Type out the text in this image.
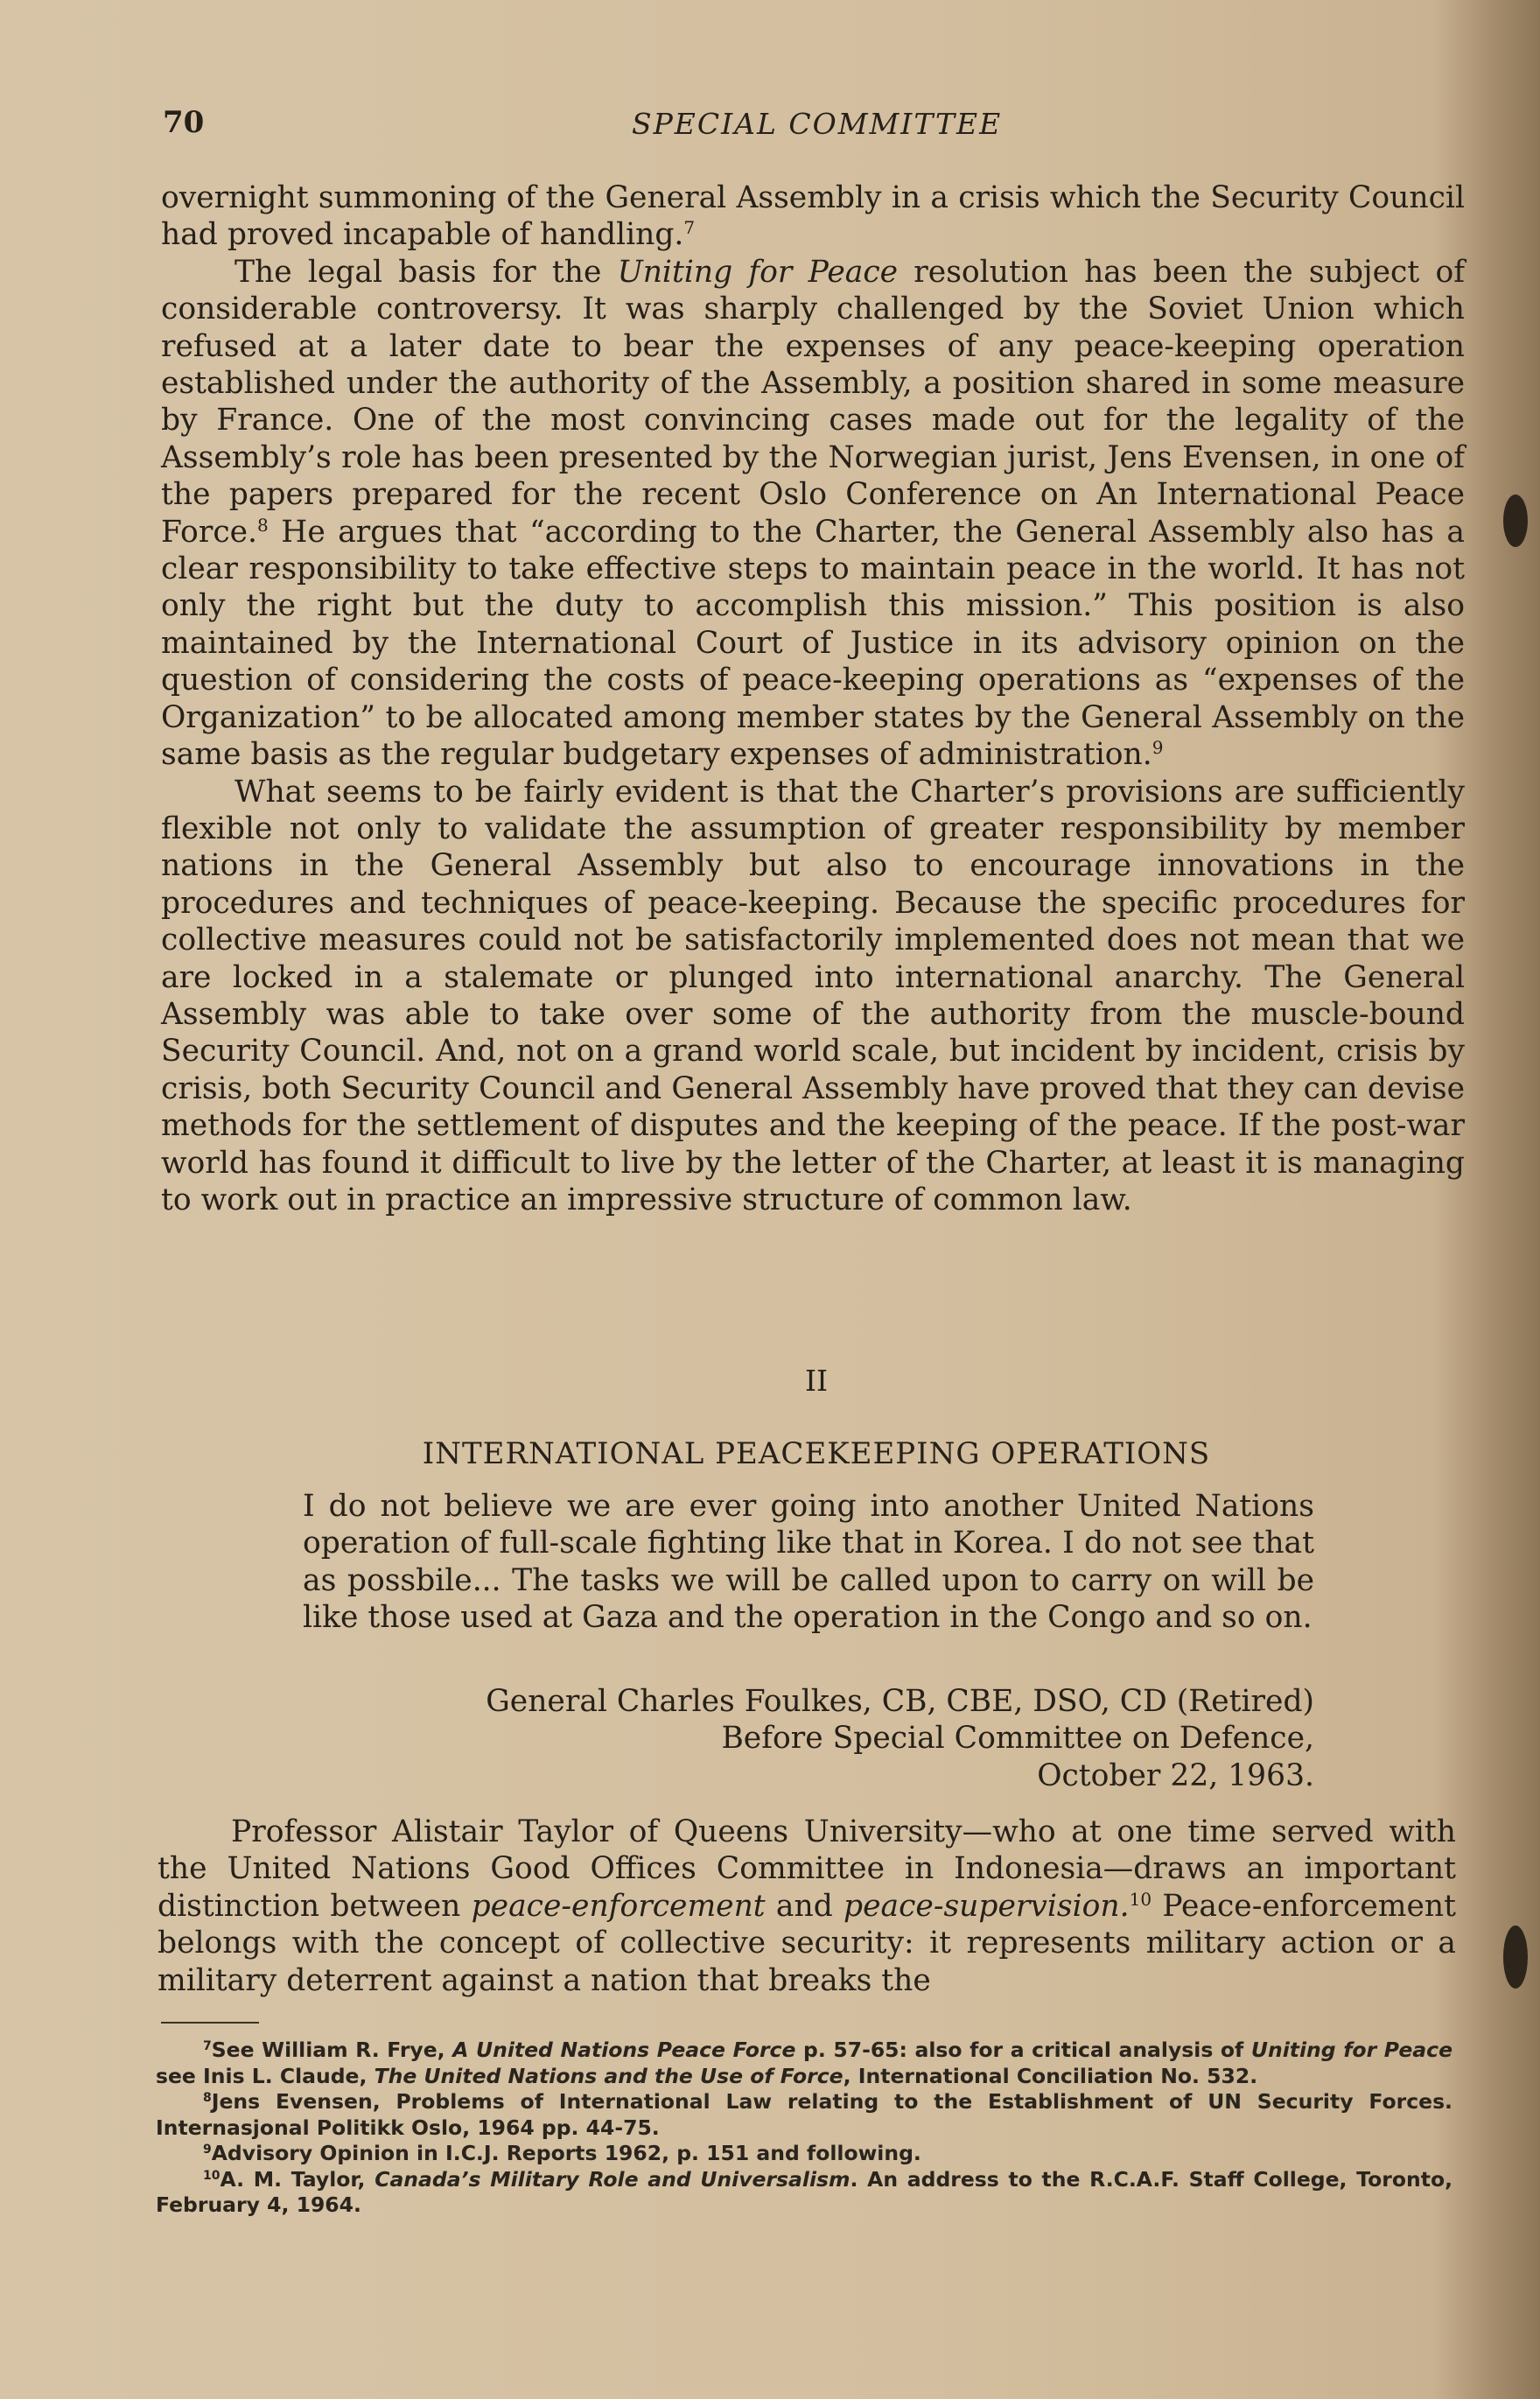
70	SPECIAL COMMITTEE

overnight summoning of the General Assembly in a crisis which the Security Council had proved incapable of handling.$^7$

The legal basis for the Uniting for Peace resolution has been the subject of considerable controversy. It was sharply challenged by the Soviet Union which refused at a later date to bear the expenses of any peace-keeping operation established under the authority of the Assembly, a position shared in some measure by France. One of the most convincing cases made out for the legality of the Assembly’s role has been presented by the Norwegian jurist, Jens Evensen, in one of the papers prepared for the recent Oslo Conference on An International Peace Force.$^8$ He argues that “according to the Charter, the General Assembly also has a clear responsibility to take effective steps to maintain peace in the world. It has not only the right but the duty to accomplish this mission.” This position is also maintained by the International Court of Justice in its advisory opinion on the question of considering the costs of peace-keeping operations as “expenses of the Organization” to be allocated among member states by the General Assembly on the same basis as the regular budgetary expenses of administration.$^9$

What seems to be fairly evident is that the Charter’s provisions are sufficiently flexible not only to validate the assumption of greater responsibility by member nations in the General Assembly but also to encourage innovations in the procedures and techniques of peace-keeping. Because the specific procedures for collective measures could not be satisfactorily implemented does not mean that we are locked in a stalemate or plunged into international anarchy. The General Assembly was able to take over some of the authority from the muscle-bound Security Council. And, not on a grand world scale, but incident by incident, crisis by crisis, both Security Council and General Assembly have proved that they can devise methods for the settlement of disputes and the keeping of the peace. If the post-war world has found it difficult to live by the letter of the Charter, at least it is managing to work out in practice an impressive structure of common law.

II
INTERNATIONAL PEACEKEEPING OPERATIONS
I do not believe we are ever going into another United Nations operation of full-scale fighting like that in Korea. I do not see that as possbile... The tasks we will be called upon to carry on will be like those used at Gaza and the operation in the Congo and so on.
General Charles Foulkes, CB, CBE, DSO, CD (Retired)
Before Special Committee on Defence,
October 22, 1963.

Professor Alistair Taylor of Queens University—who at one time served with the United Nations Good Offices Committee in Indonesia—draws an important distinction between peace-enforcement and peace-supervision.$^{10}$ Peace-enforcement belongs with the concept of collective security: it represents military action or a military deterrent against a nation that breaks the

$^7$See William R. Frye, A United Nations Peace Force p. 57-65: also for a critical analysis of Uniting for Peace see Inis L. Claude, The United Nations and the Use of Force, International Conciliation No. 532.

$^8$Jens Evensen, Problems of International Law relating to the Establishment of UN Security Forces. Internasjonal Politikk Oslo, 1964 pp. 44-75.

$^9$Advisory Opinion in I.C.J. Reports 1962, p. 151 and following.

$^{10}$A. M. Taylor, Canada’s Military Role and Universalism. An address to the R.C.A.F. Staff College, Toronto, February 4, 1964.
